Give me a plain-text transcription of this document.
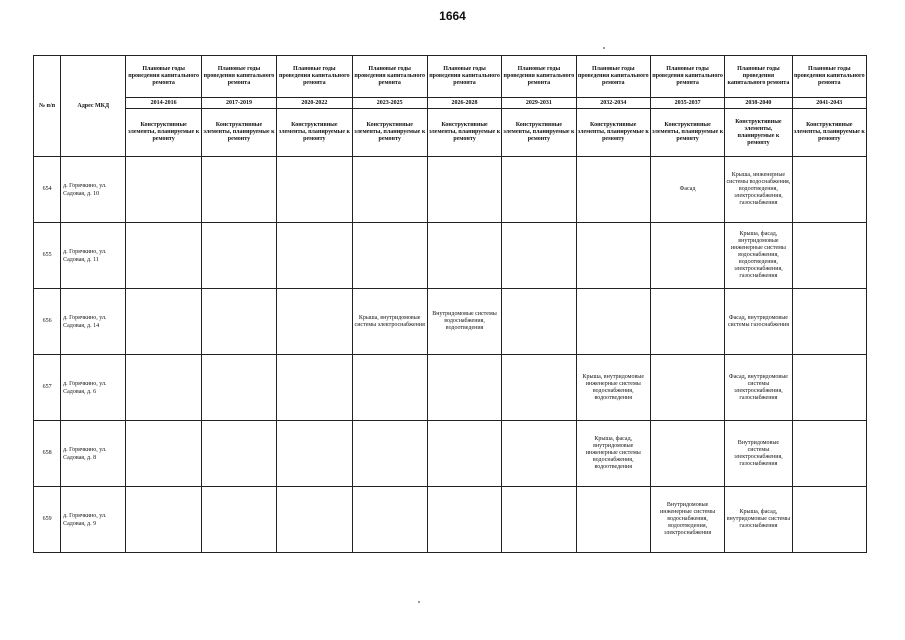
1664
№ п/п	Адрес МКД	Плановые годы проведения капитального ремонта	Плановые годы проведения капитального ремонта	Плановые годы проведения капитального ремонта	Плановые годы проведения капитального ремонта	Плановые годы проведения капитального ремонта	Плановые годы проведения капитального ремонта	Плановые годы проведения капитального ремонта	Плановые годы проведения капитального ремонта	Плановые годы проведения капитального ремонта	Плановые годы проведения капитального ремонта
		2014-2016	2017-2019	2020-2022	2023-2025	2026-2028	2029-2031	2032-2034	2035-2037	2038-2040	2041-2043
		Конструктивные элементы, планируемые к ремонту	Конструктивные элементы, планируемые к ремонту	Конструктивные элементы, планируемые к ремонту	Конструктивные элементы, планируемые к ремонту	Конструктивные элементы, планируемые к ремонту	Конструктивные элементы, планируемые к ремонту	Конструктивные элементы, планируемые к ремонту	Конструктивные элементы, планируемые к ремонту	Конструктивные элементы, планируемые к ремонту	Конструктивные элементы, планируемые к ремонту
654	д. Горячкино, ул. Садовая, д. 10								Фасад	Крыша, инженерные системы водоснабжения, водоотведения, электроснабжения, газоснабжения	
655	д. Горячкино, ул. Садовая, д. 11									Крыша, фасад, внутридомовые инженерные системы водоснабжения, водоотведения, электроснабжения, газоснабжения	
656	д. Горячкино, ул. Садовая, д. 14				Крыша, внутридомовые системы электроснабжения	Внутридомовые системы водоснабжения, водоотведения				Фасад, внутридомовые системы газоснабжения	
657	д. Горячкино, ул. Садовая, д. 6							Крыша, внутридомовые инженерные системы водоснабжения, водоотведения		Фасад, внутридомовые системы электроснабжения, газоснабжения	
658	д. Горячкино, ул. Садовая, д. 8							Крыша, фасад, внутридомовые инженерные системы водоснабжения, водоотведения		Внутридомовые системы электроснабжения, газоснабжения	
659	д. Горячкино, ул. Садовая, д. 9								Внутридомовые инженерные системы водоснабжения, водоотведения, электроснабжения	Крыша, фасад, внутридомовые системы газоснабжения	
